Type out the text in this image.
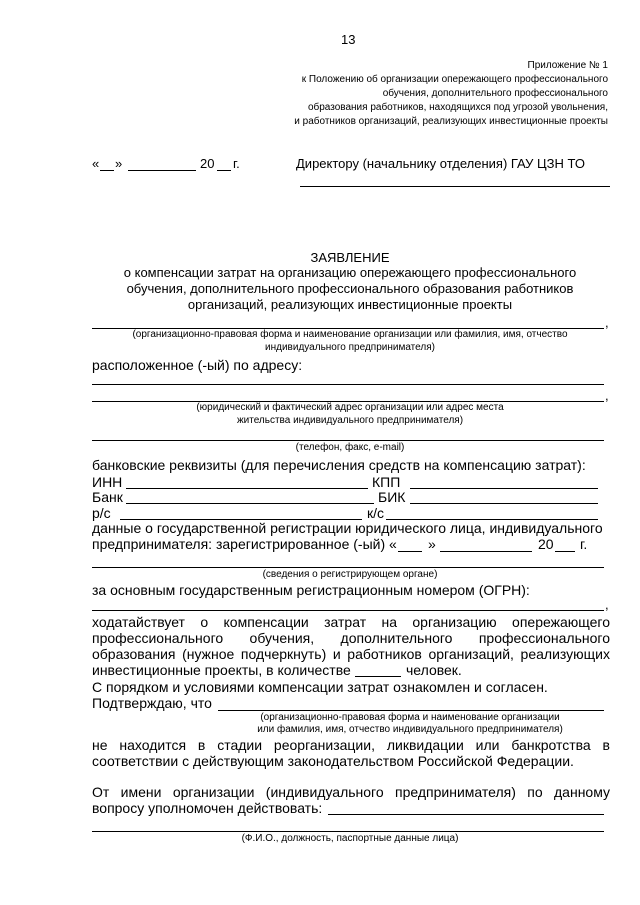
13
Приложение № 1
к Положению об организации опережающего профессионального
обучения, дополнительного профессионального
образования работников, находящихся под угрозой увольнения,
и работников организаций, реализующих инвестиционные проекты
« »	20 г.	Директору (начальнику отделения) ГАУ ЦЗН ТО
ЗАЯВЛЕНИЕ
о компенсации затрат на организацию опережающего профессионального
обучения, дополнительного профессионального образования работников
организаций, реализующих инвестиционные проекты
,
(организационно-правовая форма и наименование организации или фамилия, имя, отчество
индивидуального предпринимателя)
расположенное (-ый) по адресу:
,
(юридический и фактический адрес организации или адрес места
жительства индивидуального предпринимателя)
(телефон, факс, e-mail)
банковские реквизиты (для перечисления средств на компенсацию затрат):
ИНН	КПП
Банк	БИК
р/с	к/с
данные о государственной регистрации юридического лица, индивидуального
предпринимателя: зарегистрированное (-ый) « »	20 г.
(сведения о регистрирующем органе)
за основным государственным регистрационным номером (ОГРН):
,
ходатайствует о компенсации затрат на организацию опережающего
профессионального обучения, дополнительного профессионального
образования (нужное подчеркнуть) и работников организаций, реализующих
инвестиционные проекты, в количестве	человек.
С порядком и условиями компенсации затрат ознакомлен и согласен.
Подтверждаю, что
(организационно-правовая форма и наименование организации
или фамилия, имя, отчество индивидуального предпринимателя)
не находится в стадии реорганизации, ликвидации или банкротства в
соответствии с действующим законодательством Российской Федерации.
От имени организации (индивидуального предпринимателя) по данному
вопросу уполномочен действовать:
(Ф.И.О., должность, паспортные данные лица)
